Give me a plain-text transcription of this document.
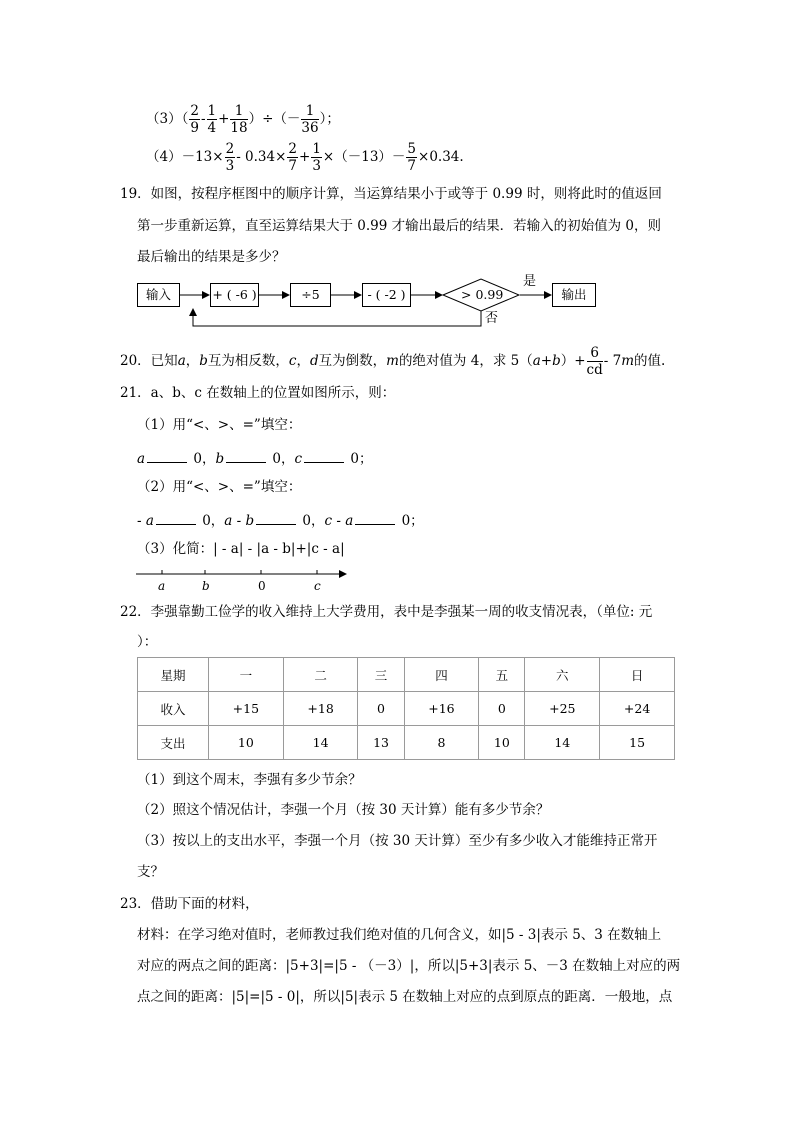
$(3)( \frac{2}{9} - \frac{1}{4} + \frac{1}{18}$ ）÷（－ $\frac{1}{36}$ ）；
$(4)-13\times \frac{2}{3} - 0.34\times \frac{2}{7} + \frac{1}{3} \times(-13)- \frac{5}{7} \times 0.34$.
19．如图，按程序框图中的顺序计算，当运算结果小于或等于 0.99 时，则将此时的值返回
第一步重新运算，直至运算结果大于 0.99 才输出最后的结果．若输入的初始值为 0，则
最后输出的结果是多少？
输入	+ ( -6 )	÷5	- ( -2 )	> 0.99
是
否
输出
20．已知a，b互为相反数，c，d互为倒数，m的绝对值为 4，求 $5(a+b)+ \frac{6}{cd} - 7m$的值.
21．a、b、c 在数轴上的位置如图所示，则：
（1）用“<、>、=”填空：
a	0，b	0，c	0；
（2）用“<、>、=”填空：
- a	0，a - b	0，c - a	0；
（3）化简：| - a| - |a - b|+|c - a|
a	b	0	c
22．李强靠勤工俭学的收入维持上大学费用，表中是李强某一周的收支情况表，（单位: 元
）：
星期	一	二	三	四	五	六	日
收入	+15	+18	0	+16	0	+25	+24
支出	10	14	13	8	10	14	15
（1）到这个周末，李强有多少节余？
（2）照这个情况估计，李强一个月（按 30 天计算）能有多少节余？
（3）按以上的支出水平，李强一个月（按 30 天计算）至少有多少收入才能维持正常开
支？
23．借助下面的材料，
材料：在学习绝对值时，老师教过我们绝对值的几何含义，如|5 - 3|表示 5、3 在数轴上
对应的两点之间的距离：|5+3|=|5 - （－3）|，所以|5+3|表示 5、－3 在数轴上对应的两
点之间的距离：|5|=|5 - 0|，所以|5|表示 5 在数轴上对应的点到原点的距离．一般地，点
